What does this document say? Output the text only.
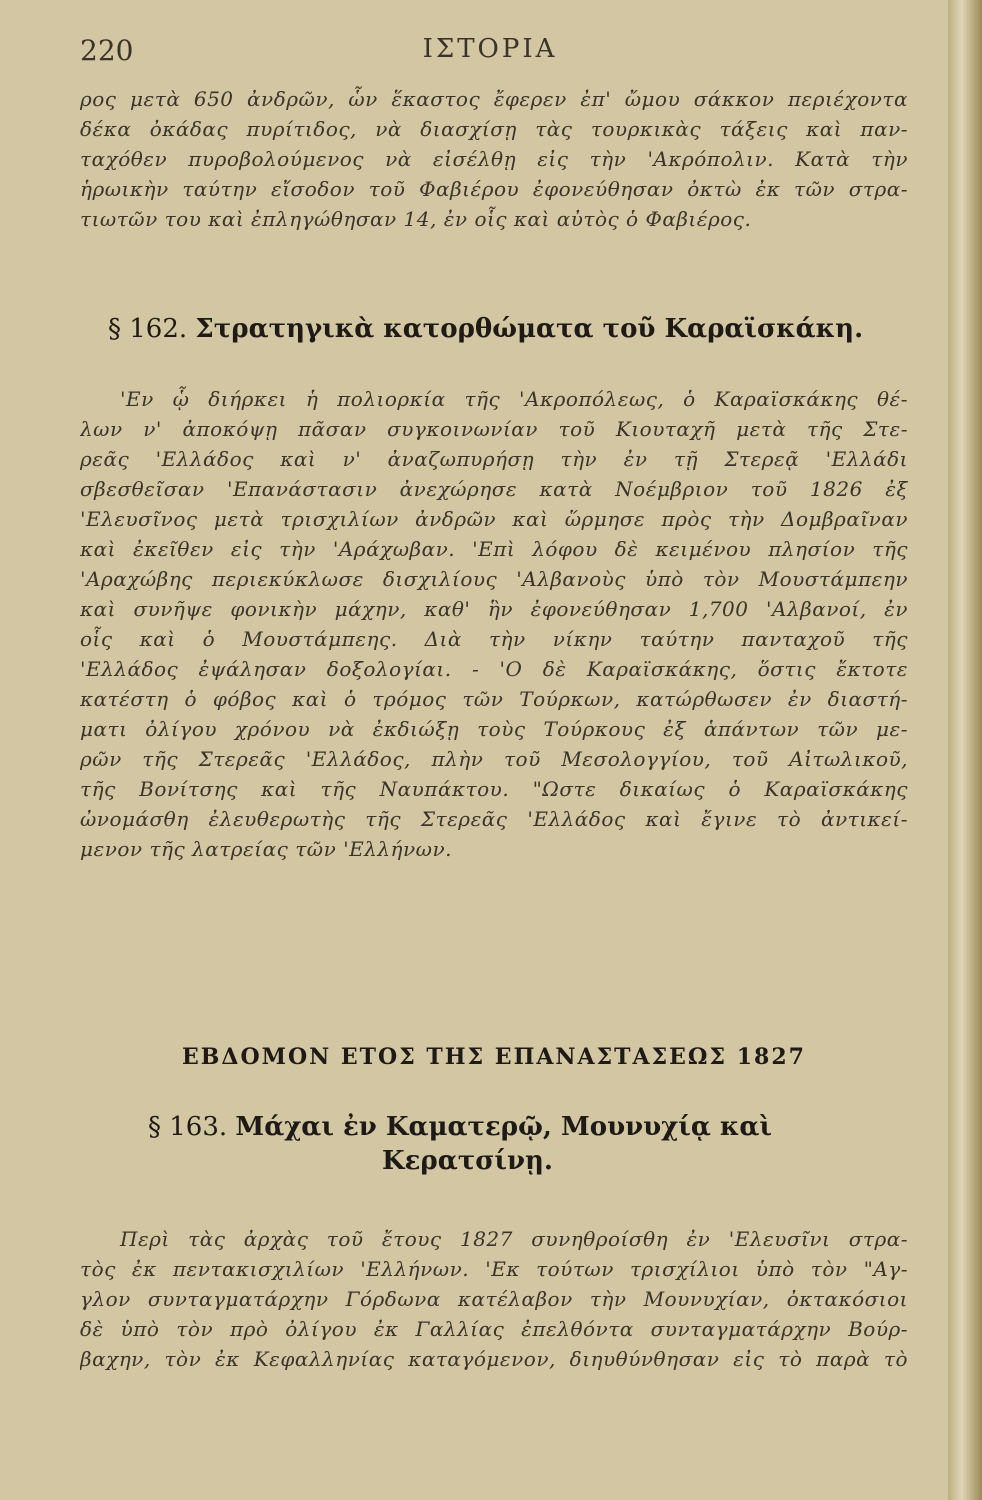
220	ΙΣΤΟΡΙΑ
ρος μετὰ 650 ἀνδρῶν, ὧν ἕκαστος ἔφερεν ἐπ' ὤμου σάκκον περιέχοντα
δέκα ὀκάδας πυρίτιδος, νὰ διασχίσῃ τὰς τουρκικὰς τάξεις καὶ παν-
ταχόθεν πυροβολούμενος νὰ εἰσέλθῃ εἰς τὴν 'Ακρόπολιν. Κατὰ τὴν
ἡρωικὴν ταύτην εἴσοδον τοῦ Φαβιέρου ἐφονεύθησαν ὀκτὼ ἐκ τῶν στρα-
τιωτῶν του καὶ ἐπληγώθησαν 14, ἐν οἷς καὶ αὐτὸς ὁ Φαβιέρος.
§ 162. Στρατηγικὰ κατορθώματα τοῦ Καραϊσκάκη.
'Εν ᾧ διήρκει ἡ πολιορκία τῆς 'Ακροπόλεως, ὁ Καραϊσκάκης θέ-
λων ν' ἀποκόψῃ πᾶσαν συγκοινωνίαν τοῦ Κιουταχῆ μετὰ τῆς Στε-
ρεᾶς 'Ελλάδος καὶ ν' ἀναζωπυρήσῃ τὴν ἐν τῇ Στερεᾷ 'Ελλάδι
σβεσθεῖσαν 'Επανάστασιν ἀνεχώρησε κατὰ Νοέμβριον τοῦ 1826 ἐξ
'Ελευσῖνος μετὰ τρισχιλίων ἀνδρῶν καὶ ὥρμησε πρὸς τὴν Δομβραῖναν
καὶ ἐκεῖθεν εἰς τὴν 'Αράχωβαν. 'Επὶ λόφου δὲ κειμένου πλησίον τῆς
'Αραχώβης περιεκύκλωσε δισχιλίους 'Αλβανοὺς ὑπὸ τὸν Μουστάμπεην
καὶ συνῆψε φονικὴν μάχην, καθ' ἣν ἐφονεύθησαν 1,700 'Αλβανοί, ἐν
οἷς καὶ ὁ Μουστάμπεης. Διὰ τὴν νίκην ταύτην πανταχοῦ τῆς
'Ελλάδος ἐψάλησαν δοξολογίαι. - 'Ο δὲ Καραϊσκάκης, ὅστις ἔκτοτε
κατέστη ὁ φόβος καὶ ὁ τρόμος τῶν Τούρκων, κατώρθωσεν ἐν διαστή-
ματι ὀλίγου χρόνου νὰ ἐκδιώξῃ τοὺς Τούρκους ἐξ ἁπάντων τῶν με-
ρῶν τῆς Στερεᾶς 'Ελλάδος, πλὴν τοῦ Μεσολογγίου, τοῦ Αἰτωλικοῦ,
τῆς Βονίτσης καὶ τῆς Ναυπάκτου. "Ωστε δικαίως ὁ Καραϊσκάκης
ὠνομάσθη ἐλευθερωτὴς τῆς Στερεᾶς 'Ελλάδος καὶ ἔγινε τὸ ἀντικεί-
μενον τῆς λατρείας τῶν 'Ελλήνων.
ΕΒΔΟΜΟΝ ΕΤΟΣ ΤΗΣ ΕΠΑΝΑΣΤΑΣΕΩΣ 1827
§ 163. Μάχαι ἐν Καματερῷ, Μουνυχίᾳ καὶ
Κερατσίνῃ.
Περὶ τὰς ἀρχὰς τοῦ ἔτους 1827 συνηθροίσθη ἐν 'Ελευσῖνι στρα-
τὸς ἐκ πεντακισχιλίων 'Ελλήνων. 'Εκ τούτων τρισχίλιοι ὑπὸ τὸν "Αγ-
γλον συνταγματάρχην Γόρδωνα κατέλαβον τὴν Μουνυχίαν, ὀκτακόσιοι
δὲ ὑπὸ τὸν πρὸ ὀλίγου ἐκ Γαλλίας ἐπελθόντα συνταγματάρχην Βούρ-
βαχην, τὸν ἐκ Κεφαλληνίας καταγόμενον, διηυθύνθησαν εἰς τὸ παρὰ τὸ
